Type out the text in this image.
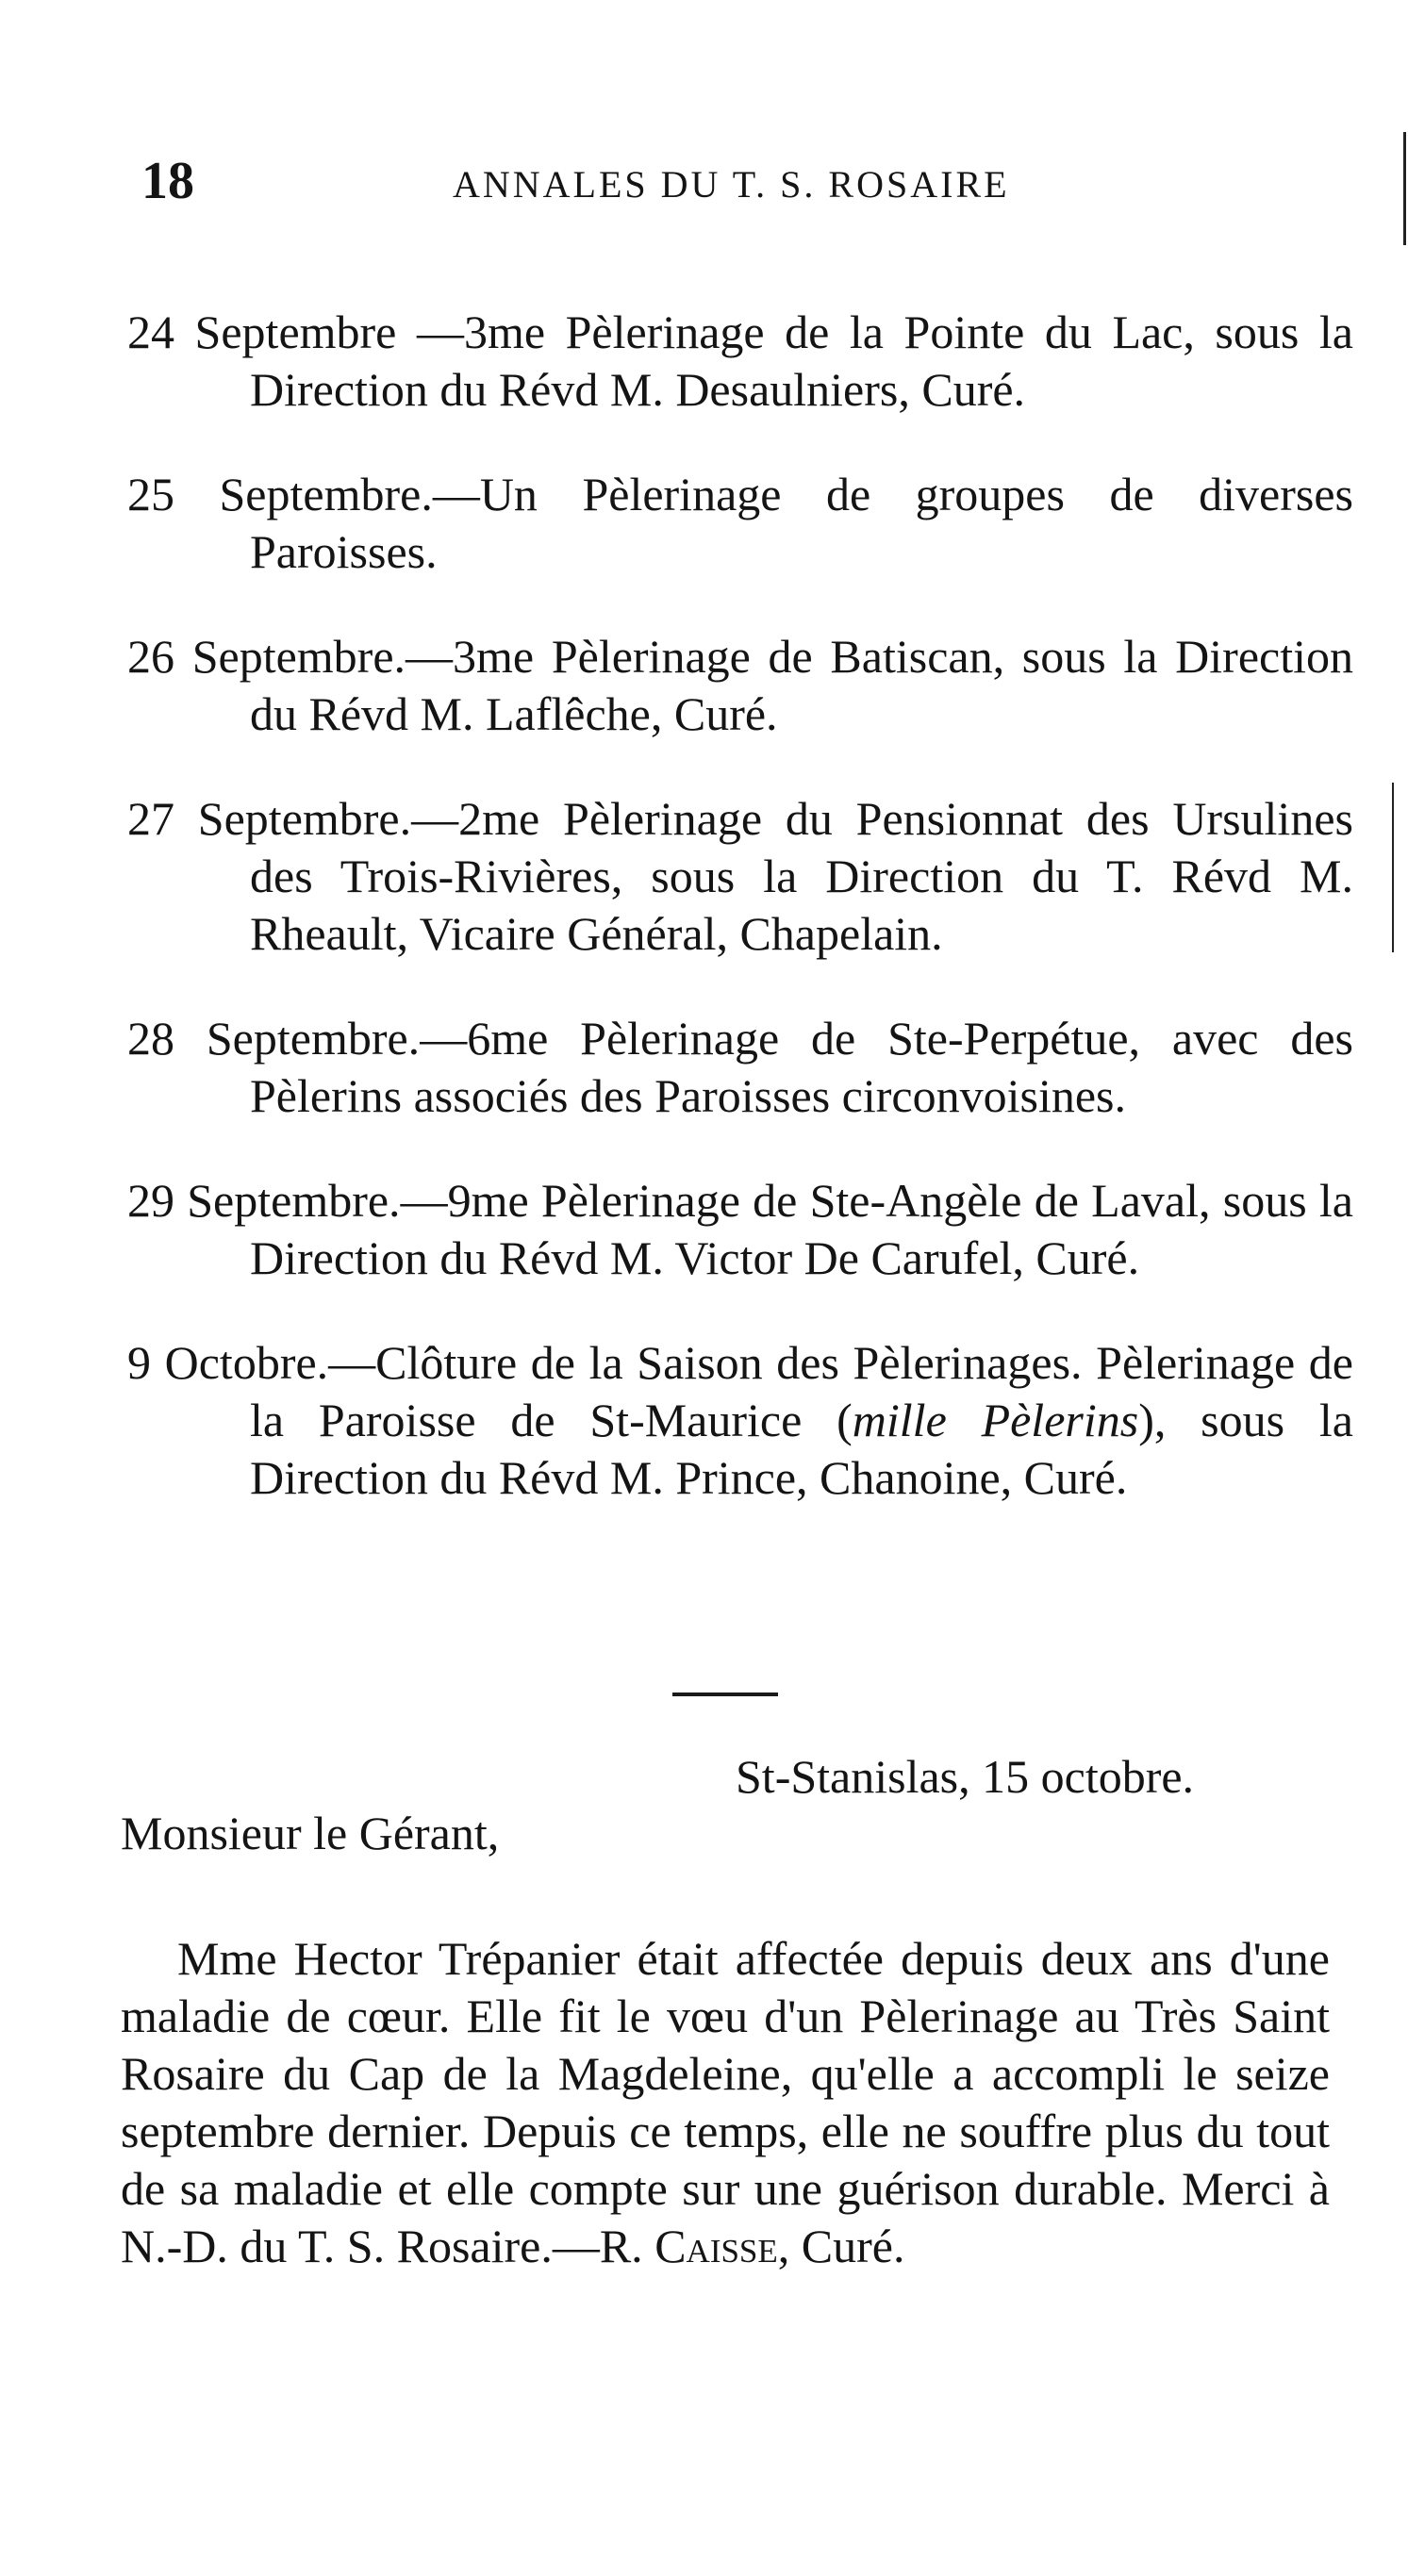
18	ANNALES DU T. S. ROSAIRE

24 Septembre —3me Pèlerinage de la Pointe du Lac, sous la Direction du Révd M. Desaulniers, Curé.

25 Septembre.—Un Pèlerinage de groupes de diverses Paroisses.

26 Septembre.—3me Pèlerinage de Batiscan, sous la Direction du Révd M. Laflêche, Curé.

27 Septembre.—2me Pèlerinage du Pensionnat des Ursulines des Trois-Rivières, sous la Direction du T. Révd M. Rheault, Vicaire Général, Chapelain.

28 Septembre.—6me Pèlerinage de Ste-Perpétue, avec des Pèlerins associés des Paroisses circonvoisines.

29 Septembre.—9me Pèlerinage de Ste-Angèle de Laval, sous la Direction du Révd M. Victor De Carufel, Curé.

9 Octobre.—Clôture de la Saison des Pèlerinages. Pèlerinage de la Paroisse de St-Maurice (mille Pèlerins), sous la Direction du Révd M. Prince, Chanoine, Curé.

St-Stanislas, 15 octobre.
Monsieur le Gérant,

Mme Hector Trépanier était affectée depuis deux ans d'une maladie de cœur. Elle fit le vœu d'un Pèlerinage au Très Saint Rosaire du Cap de la Magdeleine, qu'elle a accompli le seize septembre dernier. Depuis ce temps, elle ne souffre plus du tout de sa maladie et elle compte sur une guérison durable. Merci à N.-D. du T. S. Rosaire.—R. Caisse, Curé.
